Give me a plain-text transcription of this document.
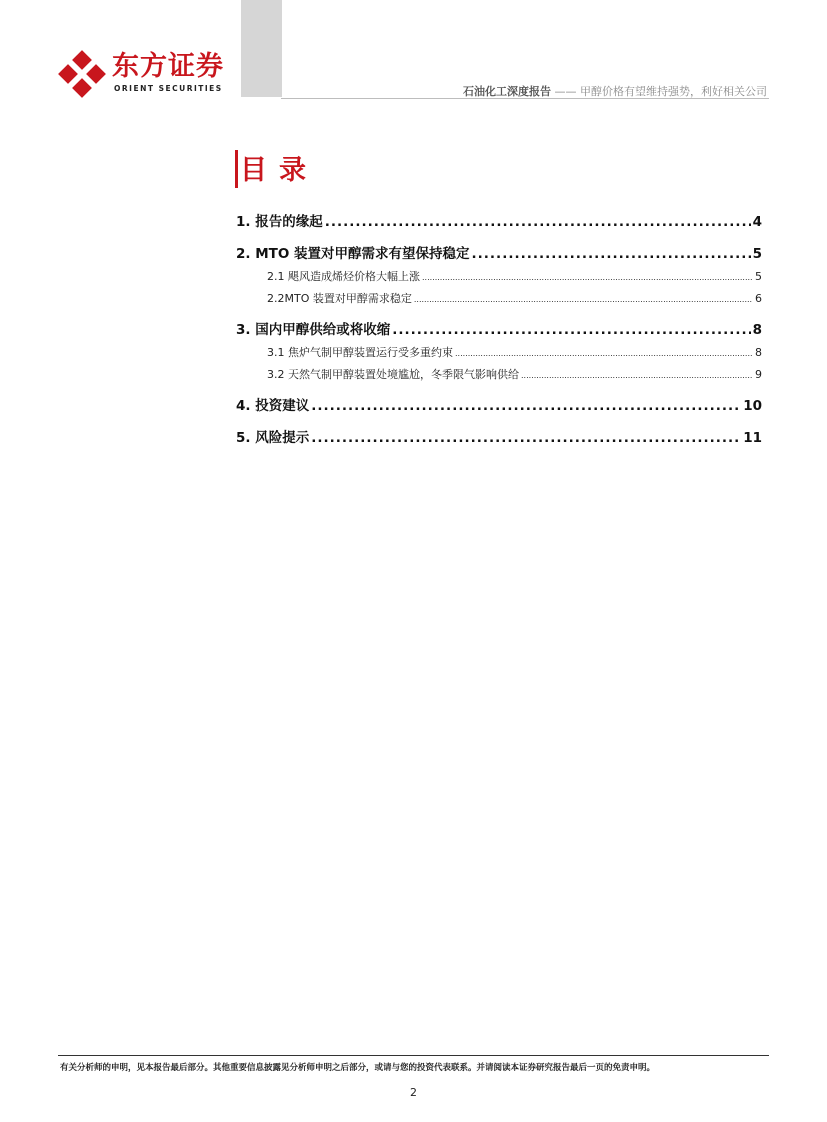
东方证券
ORIENT SECURITIES	石油化工深度报告 —— 甲醇价格有望维持强势，利好相关公司
目录
1. 报告的缘起 .....	4
2. MTO 装置对甲醇需求有望保持稳定 .....	5
2.1 飓风造成烯烃价格大幅上涨 .....	5
2.2MTO 装置对甲醇需求稳定 .....	6
3. 国内甲醇供给或将收缩 .....	8
3.1 焦炉气制甲醇装置运行受多重约束 .....	8
3.2 天然气制甲醇装置处境尴尬，冬季限气影响供给 .....	9
4. 投资建议 .....	10
5. 风险提示 .....	11
有关分析师的申明，见本报告最后部分。其他重要信息披露见分析师申明之后部分，或请与您的投资代表联系。并请阅读本证券研究报告最后一页的免责申明。
2
